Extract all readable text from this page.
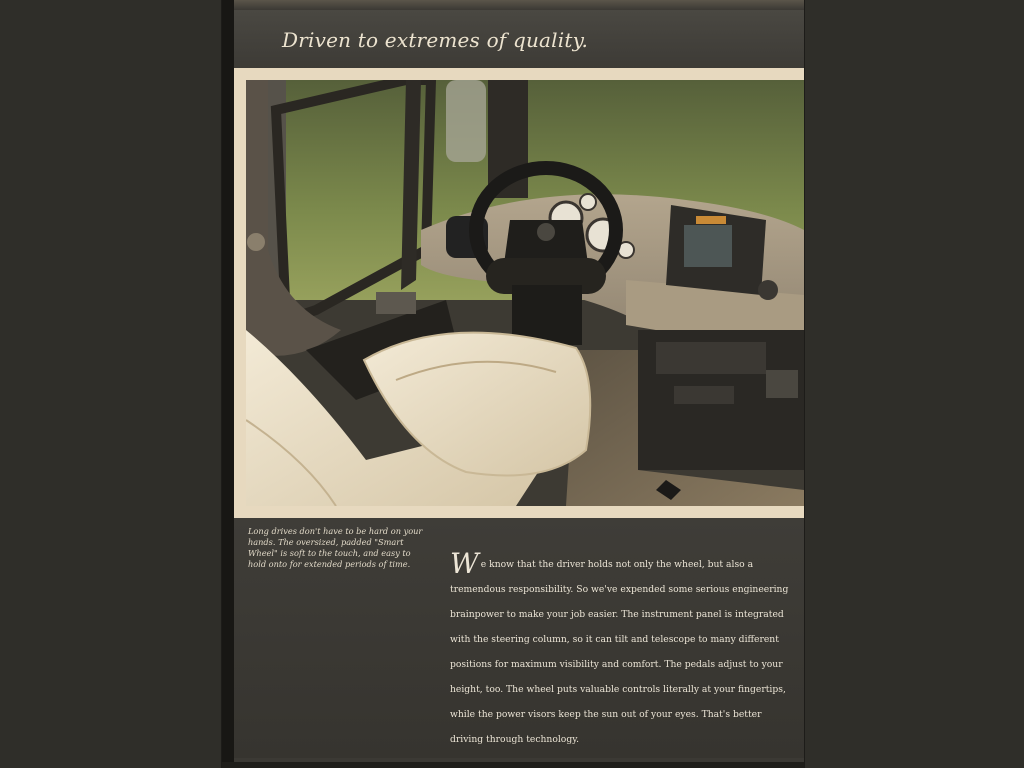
Driven to extremes of quality.
Long drives don't have to be hard on your hands. The oversized, padded "Smart Wheel" is soft to the touch, and easy to hold onto for extended periods of time.	We know that the driver holds not only the wheel, but also a tremendous responsibility. So we've expended some serious engineering brainpower to make your job easier. The instrument panel is integrated with the steering column, so it can tilt and telescope to many different positions for maximum visibility and comfort. The pedals adjust to your height, too. The wheel puts valuable controls literally at your fingertips, while the power visors keep the sun out of your eyes. That's better driving through technology.
